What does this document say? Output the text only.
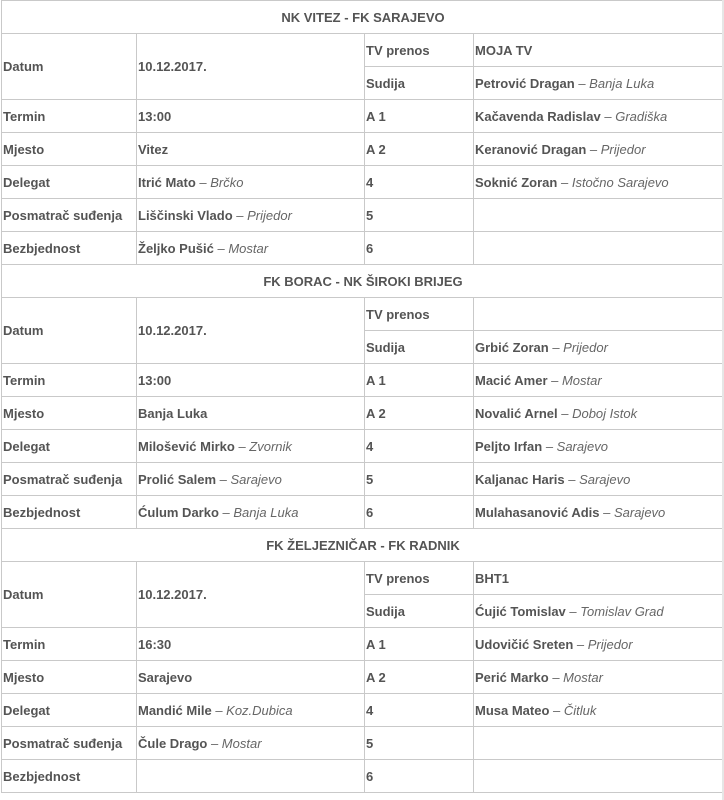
NK VITEZ - FK SARAJEVO			
Datum	10.12.2017.	TV prenos	MOJA TV
		Sudija	Petrović Dragan – Banja Luka
Termin	13:00	A 1	Kačavenda Radislav – Gradiška
Mjesto	Vitez	A 2	Keranović Dragan – Prijedor
Delegat	Itrić Mato – Brčko	4	Soknić Zoran – Istočno Sarajevo
Posmatrač suđenja	Liščinski Vlado – Prijedor	5	
Bezbjednost	Željko Pušić – Mostar	6	
FK BORAC - NK ŠIROKI BRIJEG			
Datum	10.12.2017.	TV prenos	
		Sudija	Grbić Zoran – Prijedor
Termin	13:00	A 1	Macić Amer – Mostar
Mjesto	Banja Luka	A 2	Novalić Arnel – Doboj Istok
Delegat	Milošević Mirko – Zvornik	4	Peljto Irfan – Sarajevo
Posmatrač suđenja	Prolić Salem – Sarajevo	5	Kaljanac Haris – Sarajevo
Bezbjednost	Ćulum Darko – Banja Luka	6	Mulahasanović Adis – Sarajevo
FK ŽELJEZNIČAR - FK RADNIK			
Datum	10.12.2017.	TV prenos	BHT1
		Sudija	Ćujić Tomislav – Tomislav Grad
Termin	16:30	A 1	Udovičić Sreten – Prijedor
Mjesto	Sarajevo	A 2	Perić Marko – Mostar
Delegat	Mandić Mile – Koz.Dubica	4	Musa Mateo – Čitluk
Posmatrač suđenja	Čule Drago – Mostar	5	
Bezbjednost		6	
